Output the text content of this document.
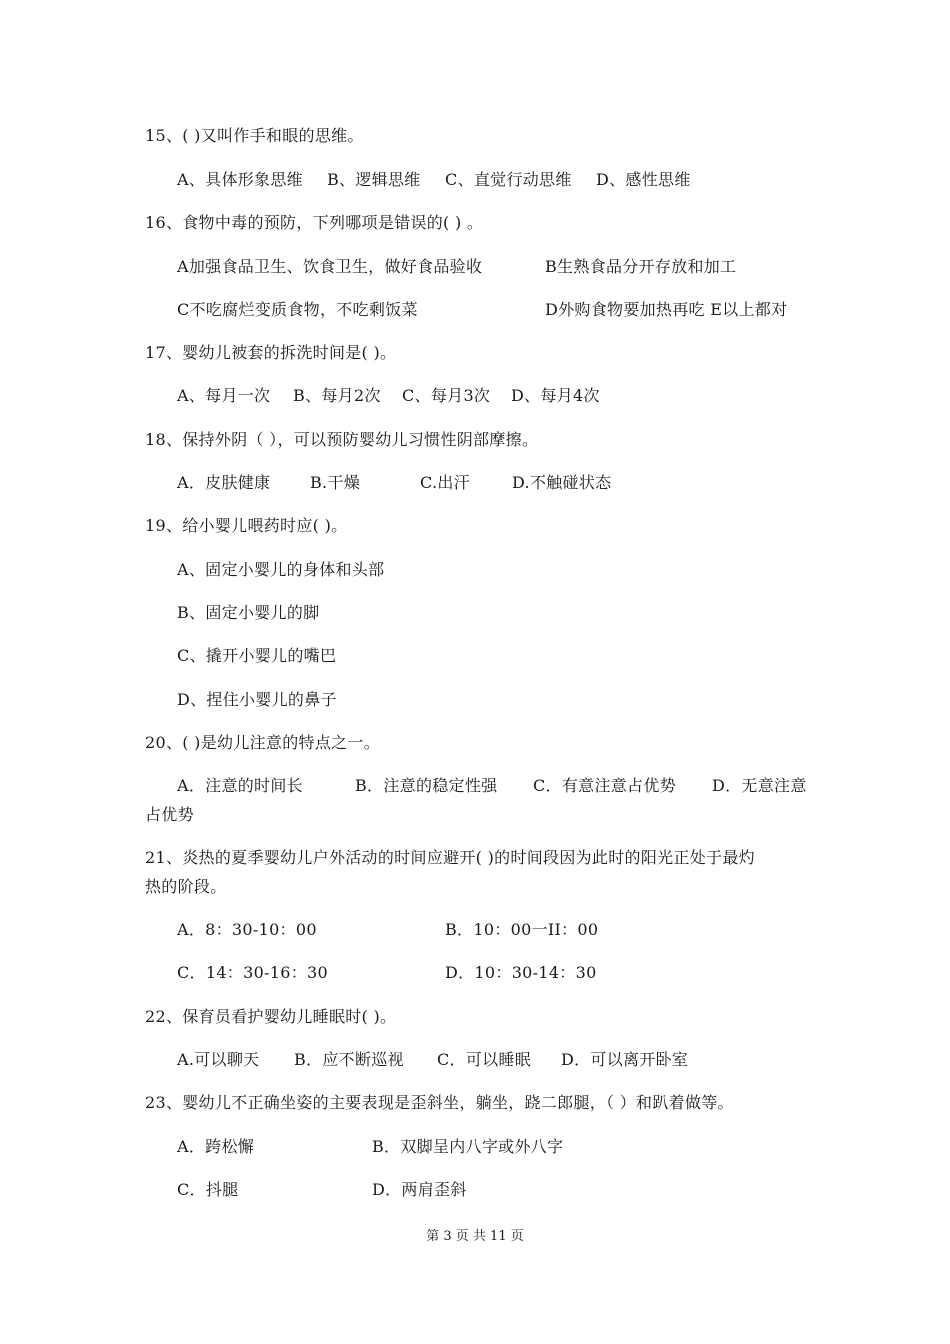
15、( )又叫作手和眼的思维。
A、具体形象思维 B、逻辑思维 C、直觉行动思维 D、感性思维
16、食物中毒的预防，下列哪项是错误的( ) 。
A加强食品卫生、饮食卫生，做好食品验收	B生熟食品分开存放和加工
C不吃腐烂变质食物，不吃剩饭菜	D外购食物要加热再吃 E以上都对
17、婴幼儿被套的拆洗时间是( )。
A、每月一次 B、每月2次 C、每月3次 D、每月4次
18、保持外阴（ ），可以预防婴幼儿习惯性阴部摩擦。
A．皮肤健康 B.干燥	C.出汗	D.不触碰状态
19、给小婴儿喂药时应( )。
A、固定小婴儿的身体和头部
B、固定小婴儿的脚
C、撬开小婴儿的嘴巴
D、捏住小婴儿的鼻子
20、( )是幼儿注意的特点之一。
A．注意的时间长	B．注意的稳定性强 C．有意注意占优势 D．无意注意
占优势
21、炎热的夏季婴幼儿户外活动的时间应避开( )的时间段因为此时的阳光正处于最灼
热的阶段。
A．8：30-10：00	B．10：00一II：00
C．14：30-16：30	D．10：30-14：30
22、保育员看护婴幼儿睡眠时( )。
A.可以聊天 B．应不断巡视 C．可以睡眠 D．可以离开卧室
23、婴幼儿不正确坐姿的主要表现是歪斜坐，躺坐，跷二郎腿，（ ）和趴着做等。
A．跨松懈	B．双脚呈内八字或外八字
C．抖腿	D．两肩歪斜
第 3 页 共 11 页
